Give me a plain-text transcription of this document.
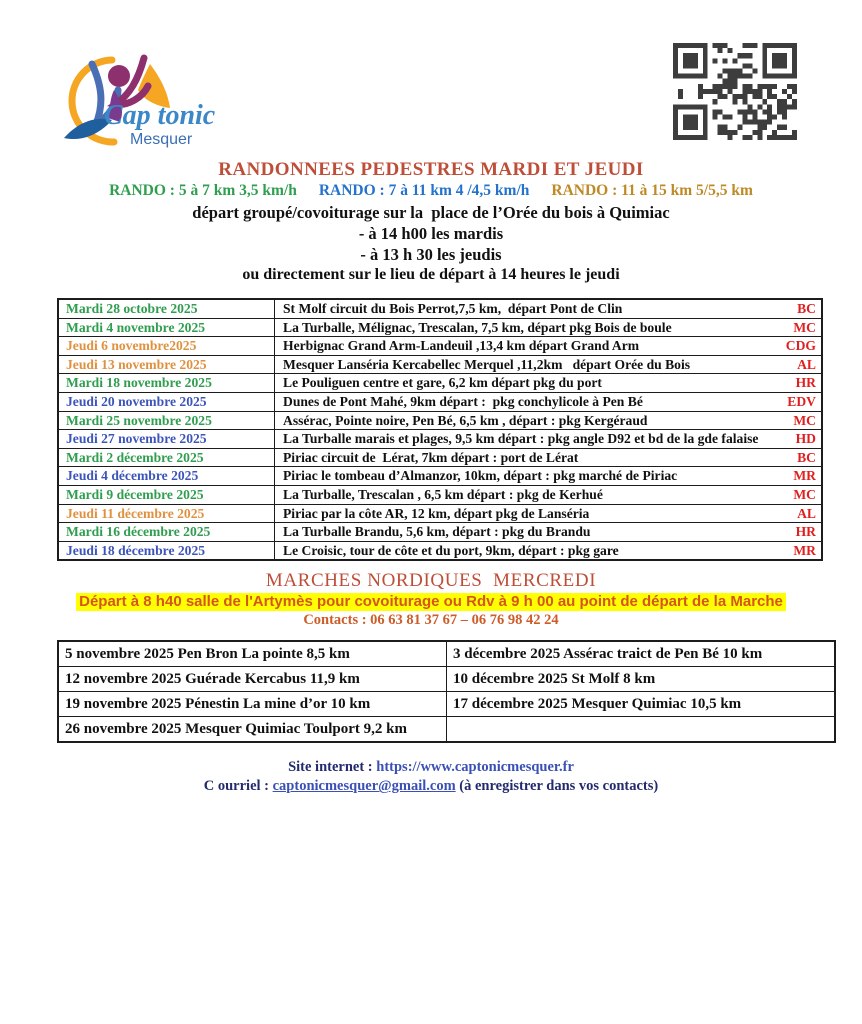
Cap tonic
Mesquer
RANDONNEES PEDESTRES MARDI ET JEUDI
RANDO : 5 à 7 km 3,5 km/h RANDO : 7 à 11 km 4 /4,5 km/h RANDO : 11 à 15 km 5/5,5 km
départ groupé/covoiturage sur la  place de l’Orée du bois à Quimiac
- à 14 h00 les mardis
- à 13 h 30 les jeudis
ou directement sur le lieu de départ à 14 heures le jeudi
Mardi 28 octobre 2025	St Molf circuit du Bois Perrot,7,5 km,  départ Pont de Clin BC

Mardi 4 novembre 2025	La Turballe, Mélignac, Trescalan, 7,5 km, départ pkg Bois de boule MC

Jeudi 6 novembre2025	Herbignac Grand Arm-Landeuil ,13,4 km départ Grand Arm CDG

Jeudi 13 novembre 2025	Mesquer Lanséria Kercabellec Merquel ,11,2km   départ Orée du Bois AL

Mardi 18 novembre 2025	Le Pouliguen centre et gare, 6,2 km départ pkg du port HR

Jeudi 20 novembre 2025	Dunes de Pont Mahé, 9km départ :  pkg conchylicole à Pen Bé EDV

Mardi 25 novembre 2025	Assérac, Pointe noire, Pen Bé, 6,5 km , départ : pkg Kergéraud MC

Jeudi 27 novembre 2025	La Turballe marais et plages, 9,5 km départ : pkg angle D92 et bd de la gde falaise HD

Mardi 2 décembre 2025	Piriac circuit de  Lérat, 7km départ : port de Lérat BC

Jeudi 4 décembre 2025	Piriac le tombeau d’Almanzor, 10km, départ : pkg marché de Piriac MR

Mardi 9 décembre 2025	La Turballe, Trescalan , 6,5 km départ : pkg de Kerhué MC

Jeudi 11 décembre 2025	Piriac par la côte AR, 12 km, départ pkg de Lanséria AL

Mardi 16 décembre 2025	La Turballe Brandu, 5,6 km, départ : pkg du Brandu HR

Jeudi 18 décembre 2025	Le Croisic, tour de côte et du port, 9km, départ : pkg gare MR
MARCHES NORDIQUES  MERCREDI
Départ à 8 h40 salle de l'Artymès pour covoiturage ou Rdv à 9 h 00 au point de départ de la Marche
Contacts : 06 63 81 37 67 – 06 76 98 42 24
5 novembre 2025 Pen Bron La pointe 8,5 km	3 décembre 2025 Assérac traict de Pen Bé 10 km
12 novembre 2025 Guérade Kercabus 11,9 km	10 décembre 2025 St Molf 8 km
19 novembre 2025 Pénestin La mine d’or 10 km	17 décembre 2025 Mesquer Quimiac 10,5 km
26 novembre 2025 Mesquer Quimiac Toulport 9,2 km	
Site internet : https://www.captonicmesquer.fr
C ourriel : captonicmesquer@gmail.com (à enregistrer dans vos contacts)
